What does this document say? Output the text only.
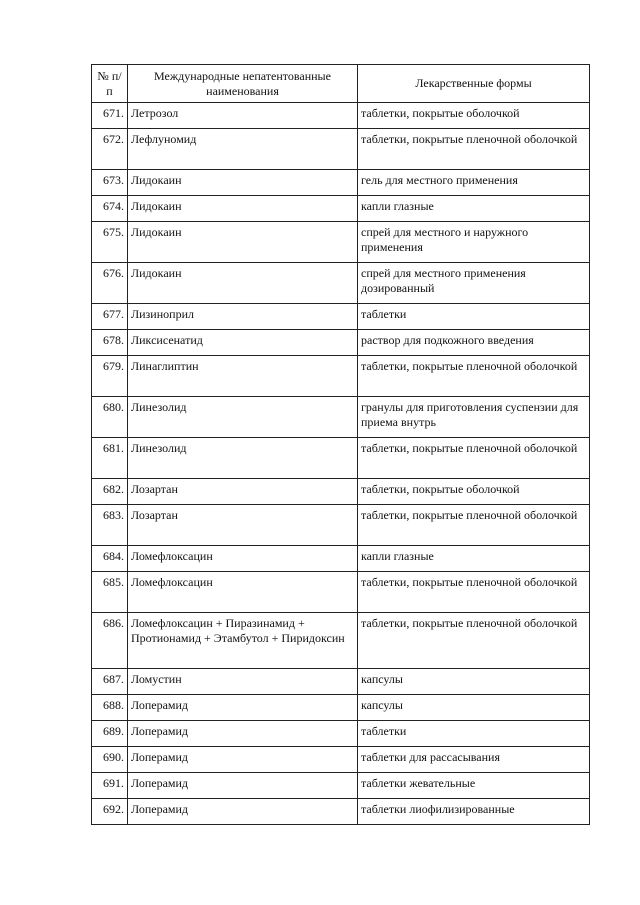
№ п/п	Международные непатентованные наименования	Лекарственные формы

671.	Летрозол	таблетки, покрытые оболочкой

672.	Лефлуномид	таблетки, покрытые пленочной оболочкой

673.	Лидокаин	гель для местного применения

674.	Лидокаин	капли глазные

675.	Лидокаин	спрей для местного и наружного применения

676.	Лидокаин	спрей для местного применения дозированный

677.	Лизиноприл	таблетки

678.	Ликсисенатид	раствор для подкожного введения

679.	Линаглиптин	таблетки, покрытые пленочной оболочкой

680.	Линезолид	гранулы для приготовления суспензии для приема внутрь

681.	Линезолид	таблетки, покрытые пленочной оболочкой

682.	Лозартан	таблетки, покрытые оболочкой

683.	Лозартан	таблетки, покрытые пленочной оболочкой

684.	Ломефлоксацин	капли глазные

685.	Ломефлоксацин	таблетки, покрытые пленочной оболочкой

686.	Ломефлоксацин + Пиразинамид + Протионамид + Этамбутол + Пиридоксин	таблетки, покрытые пленочной оболочкой

687.	Ломустин	капсулы

688.	Лоперамид	капсулы

689.	Лоперамид	таблетки

690.	Лоперамид	таблетки для рассасывания

691.	Лоперамид	таблетки жевательные

692.	Лоперамид	таблетки лиофилизированные
